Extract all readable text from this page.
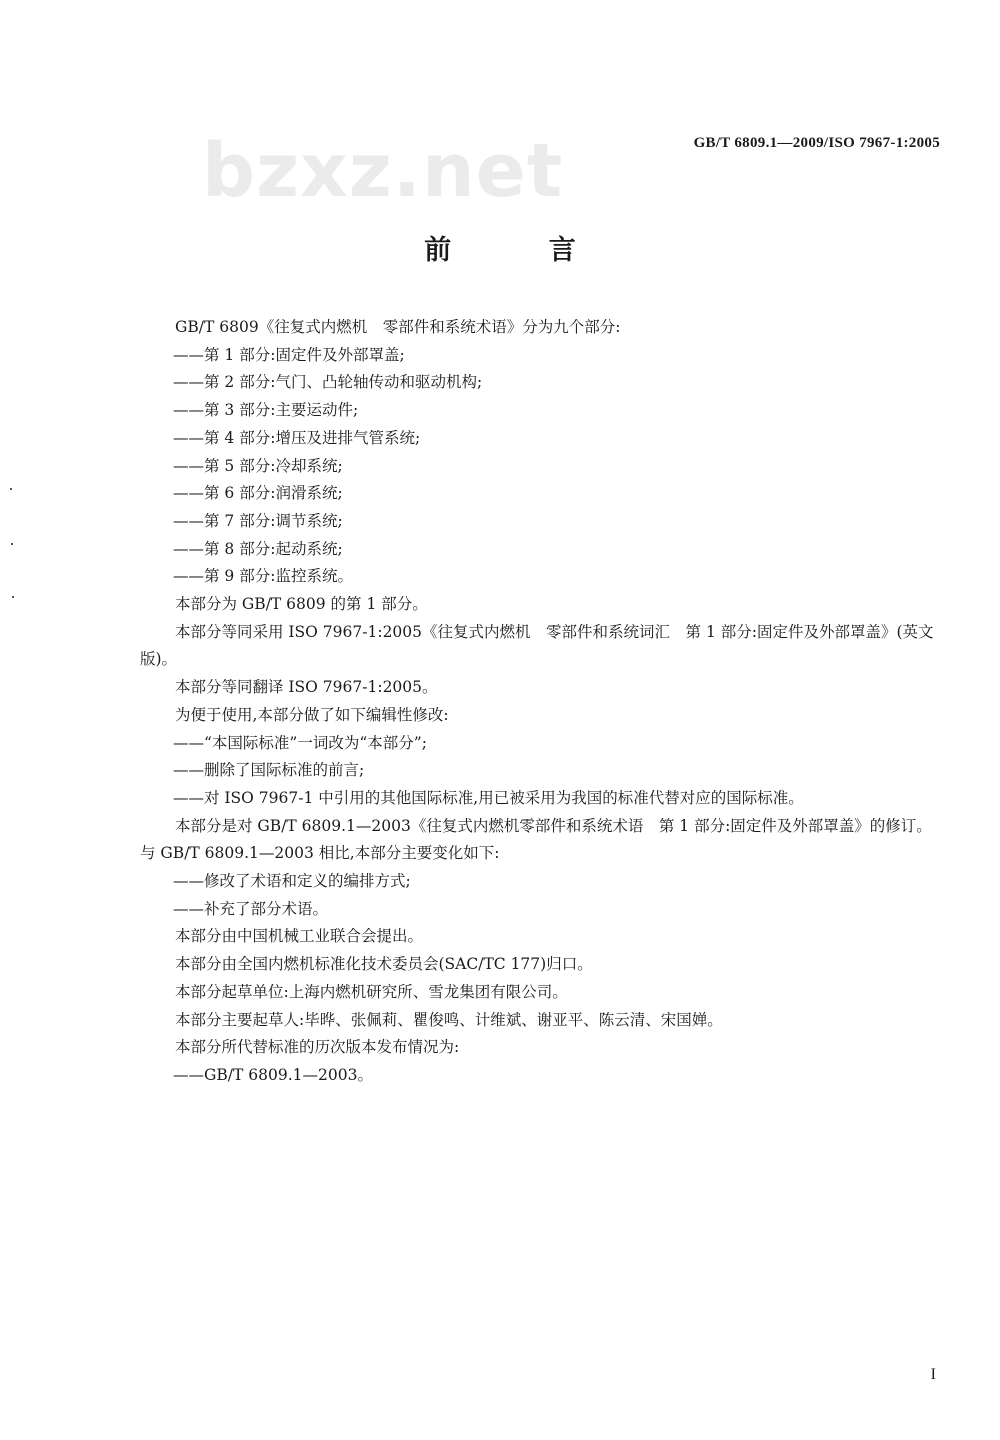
bzxz.net	GB/T 6809.1—2009/ISO 7967-1:2005
前 言
GB/T 6809《往复式内燃机　零部件和系统术语》分为九个部分:
——第 1 部分:固定件及外部罩盖;
——第 2 部分:气门、凸轮轴传动和驱动机构;
——第 3 部分:主要运动件;
——第 4 部分:增压及进排气管系统;
——第 5 部分:冷却系统;
——第 6 部分:润滑系统;
——第 7 部分:调节系统;
——第 8 部分:起动系统;
——第 9 部分:监控系统。
本部分为 GB/T 6809 的第 1 部分。
本部分等同采用 ISO 7967-1:2005《往复式内燃机　零部件和系统词汇　第 1 部分:固定件及外部罩盖》(英文版)。
本部分等同翻译 ISO 7967-1:2005。
为便于使用,本部分做了如下编辑性修改:
——“本国际标准”一词改为“本部分”;
——删除了国际标准的前言;
——对 ISO 7967-1 中引用的其他国际标准,用已被采用为我国的标准代替对应的国际标准。
本部分是对 GB/T 6809.1—2003《往复式内燃机零部件和系统术语　第 1 部分:固定件及外部罩盖》的修订。与 GB/T 6809.1—2003 相比,本部分主要变化如下:
——修改了术语和定义的编排方式;
——补充了部分术语。
本部分由中国机械工业联合会提出。
本部分由全国内燃机标准化技术委员会(SAC/TC 177)归口。
本部分起草单位:上海内燃机研究所、雪龙集团有限公司。
本部分主要起草人:毕晔、张佩莉、瞿俊鸣、计维斌、谢亚平、陈云清、宋国婵。
本部分所代替标准的历次版本发布情况为:
——GB/T 6809.1—2003。
I
